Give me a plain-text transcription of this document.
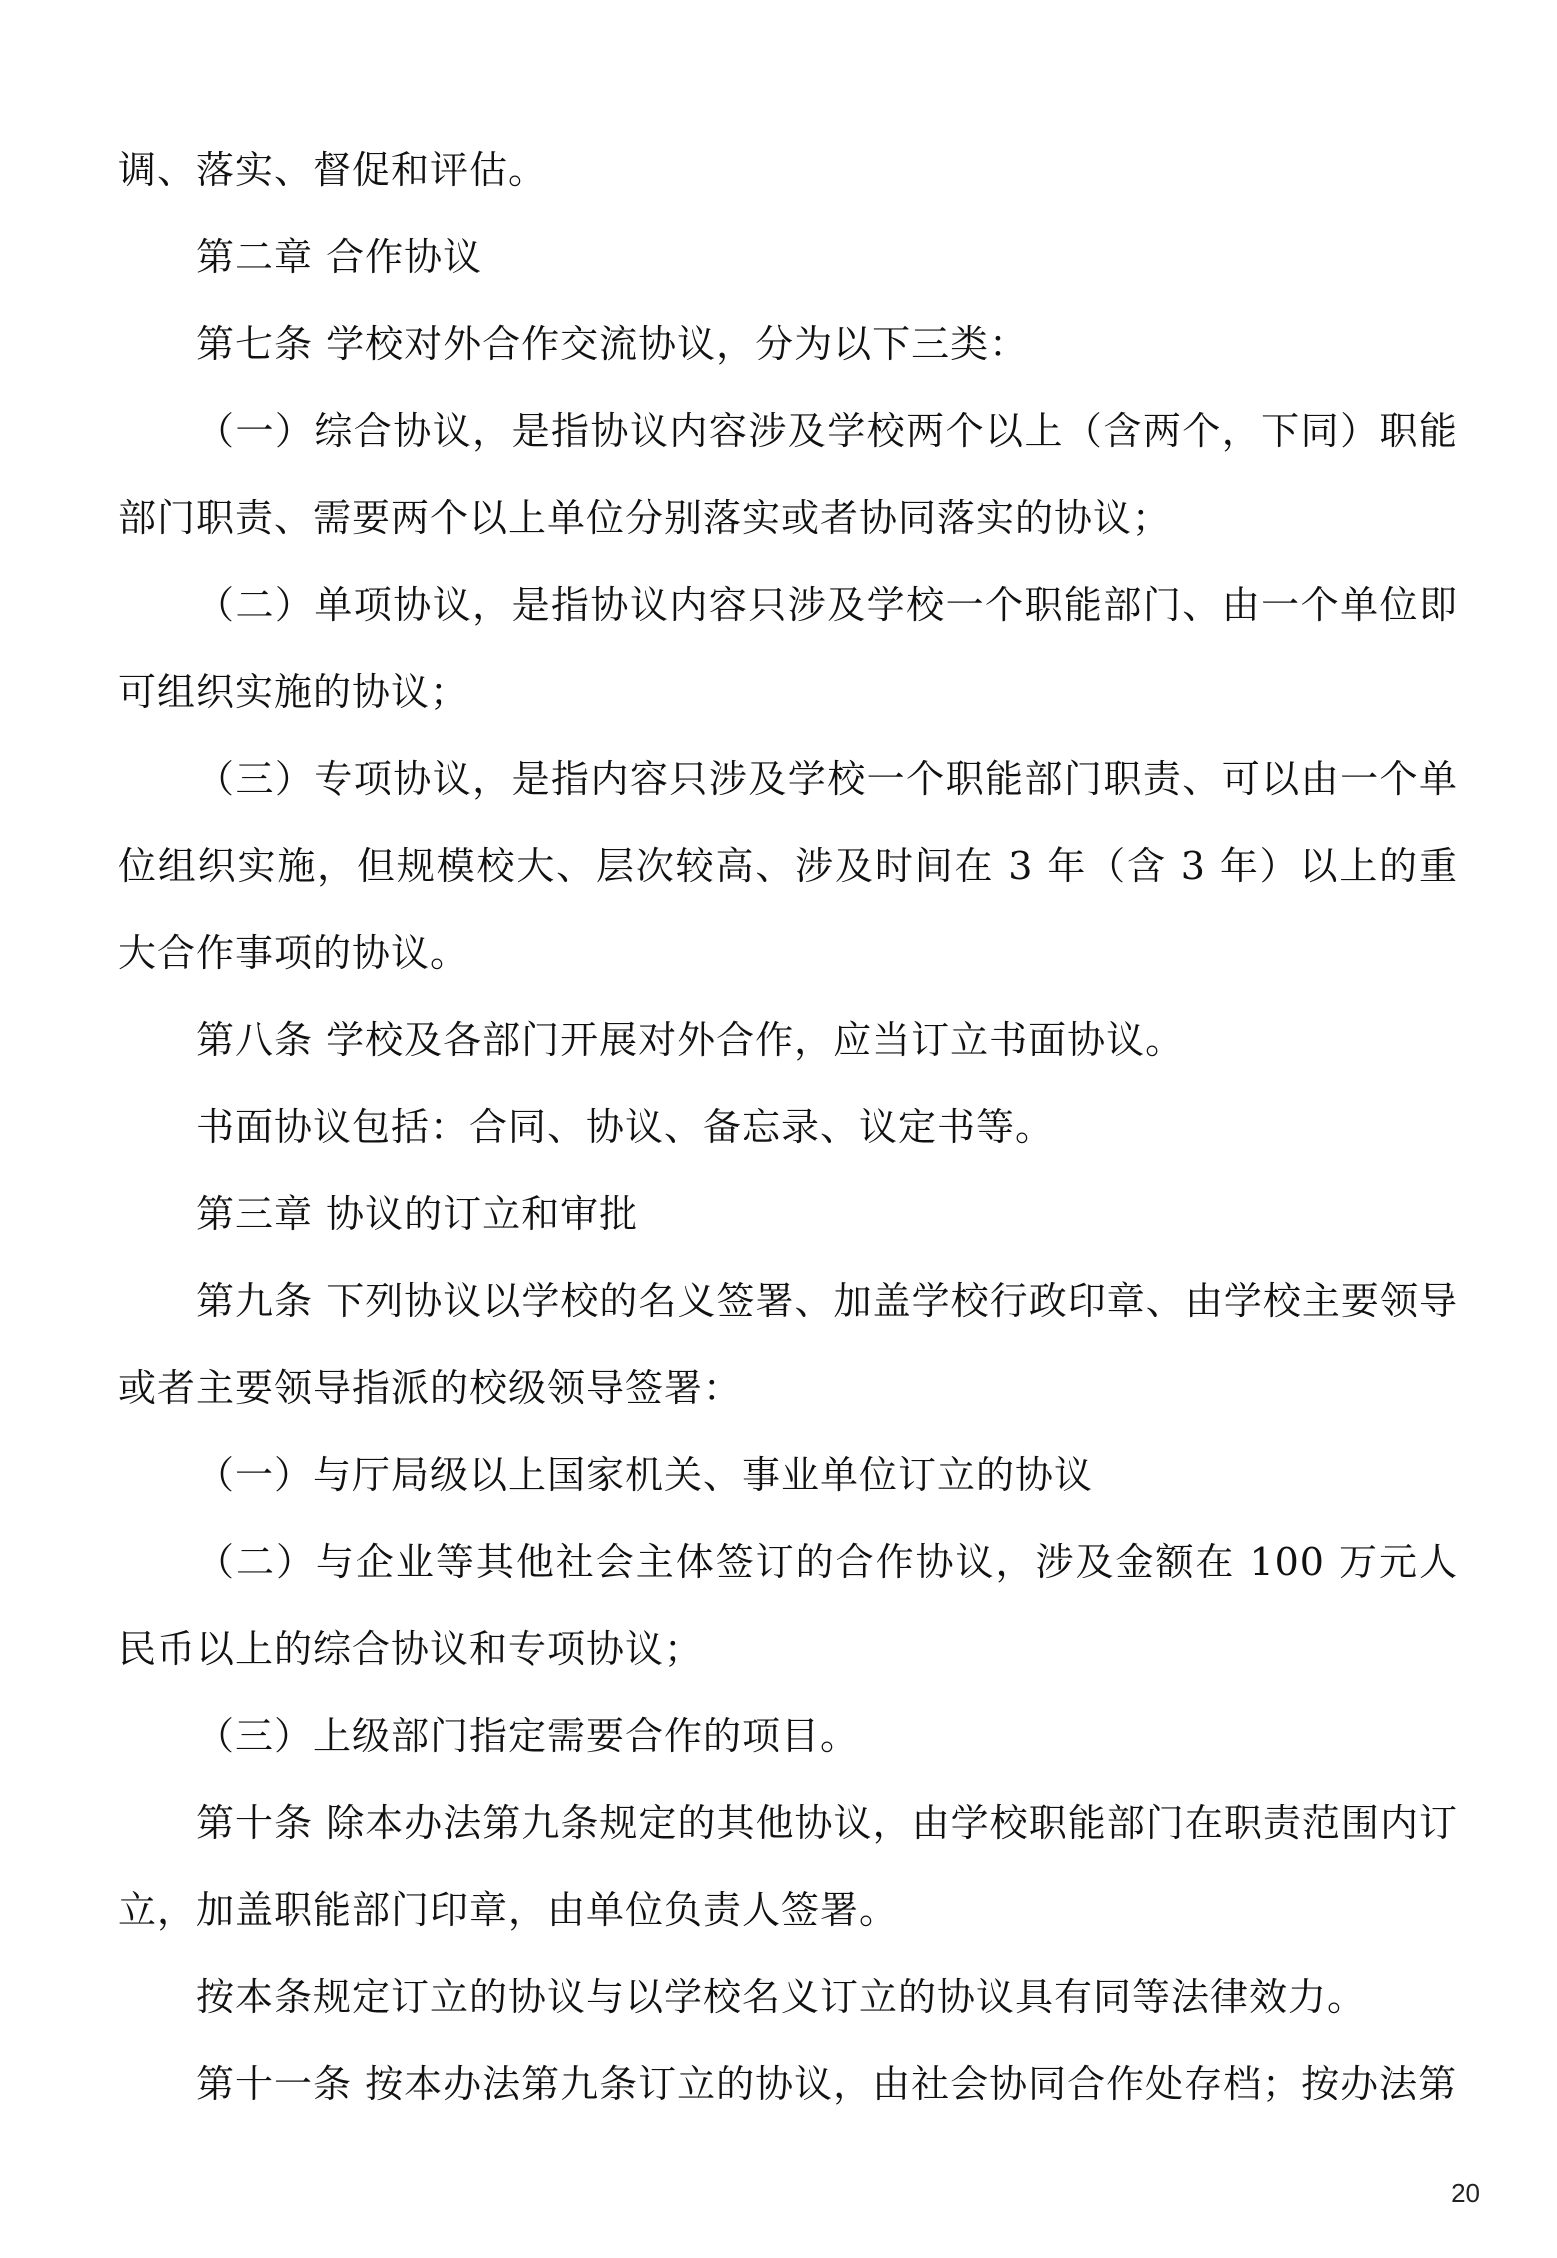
调、落实、督促和评估。

第二章 合作协议

第七条 学校对外合作交流协议，分为以下三类：

（一）综合协议，是指协议内容涉及学校两个以上（含两个，下同）职能部门职责、需要两个以上单位分别落实或者协同落实的协议；

（二）单项协议，是指协议内容只涉及学校一个职能部门、由一个单位即可组织实施的协议；

（三）专项协议，是指内容只涉及学校一个职能部门职责、可以由一个单位组织实施，但规模校大、层次较高、涉及时间在 3 年（含 3 年）以上的重大合作事项的协议。

第八条 学校及各部门开展对外合作，应当订立书面协议。

书面协议包括：合同、协议、备忘录、议定书等。

第三章 协议的订立和审批

第九条 下列协议以学校的名义签署、加盖学校行政印章、由学校主要领导或者主要领导指派的校级领导签署：

（一）与厅局级以上国家机关、事业单位订立的协议

（二）与企业等其他社会主体签订的合作协议，涉及金额在 100 万元人民币以上的综合协议和专项协议；

（三）上级部门指定需要合作的项目。

第十条 除本办法第九条规定的其他协议，由学校职能部门在职责范围内订立，加盖职能部门印章，由单位负责人签署。

按本条规定订立的协议与以学校名义订立的协议具有同等法律效力。

第十一条 按本办法第九条订立的协议，由社会协同合作处存档；按办法第

20
